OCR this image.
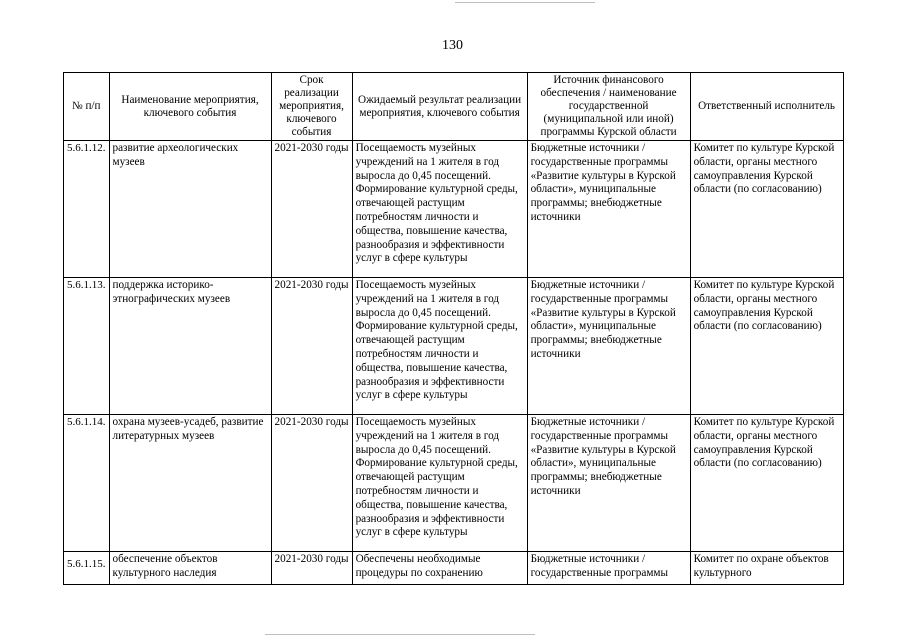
130
№ п/п	Наименование мероприятия, ключевого события	Срок реализации мероприятия, ключевого события	Ожидаемый результат реализации мероприятия, ключевого события	Источник финансового обеспечения / наименование государственной (муниципальной или иной) программы Курской области	Ответственный исполнитель
5.6.1.12.	развитие археологических музеев	2021-2030 годы	Посещаемость музейных учреждений на 1 жителя в год выросла до 0,45 посещений. Формирование культурной среды, отвечающей растущим потребностям личности и общества, повышение качества, разнообразия и эффективности услуг в сфере культуры	Бюджетные источники / государственные программы «Развитие культуры в Курской области», муниципальные программы; внебюджетные источники	Комитет по культуре Курской области, органы местного самоуправления Курской области (по согласованию)
5.6.1.13.	поддержка историко-этнографических музеев	2021-2030 годы	Посещаемость музейных учреждений на 1 жителя в год выросла до 0,45 посещений. Формирование культурной среды, отвечающей растущим потребностям личности и общества, повышение качества, разнообразия и эффективности услуг в сфере культуры	Бюджетные источники / государственные программы «Развитие культуры в Курской области», муниципальные программы; внебюджетные источники	Комитет по культуре Курской области, органы местного самоуправления Курской области (по согласованию)
5.6.1.14.	охрана музеев-усадеб, развитие литературных музеев	2021-2030 годы	Посещаемость музейных учреждений на 1 жителя в год выросла до 0,45 посещений. Формирование культурной среды, отвечающей растущим потребностям личности и общества, повышение качества, разнообразия и эффективности услуг в сфере культуры	Бюджетные источники / государственные программы «Развитие культуры в Курской области», муниципальные программы; внебюджетные источники	Комитет по культуре Курской области, органы местного самоуправления Курской области (по согласованию)
5.6.1.15.	обеспечение объектов культурного наследия	2021-2030 годы	Обеспечены необходимые процедуры по сохранению	Бюджетные источники / государственные программы	Комитет по охране объектов культурного
